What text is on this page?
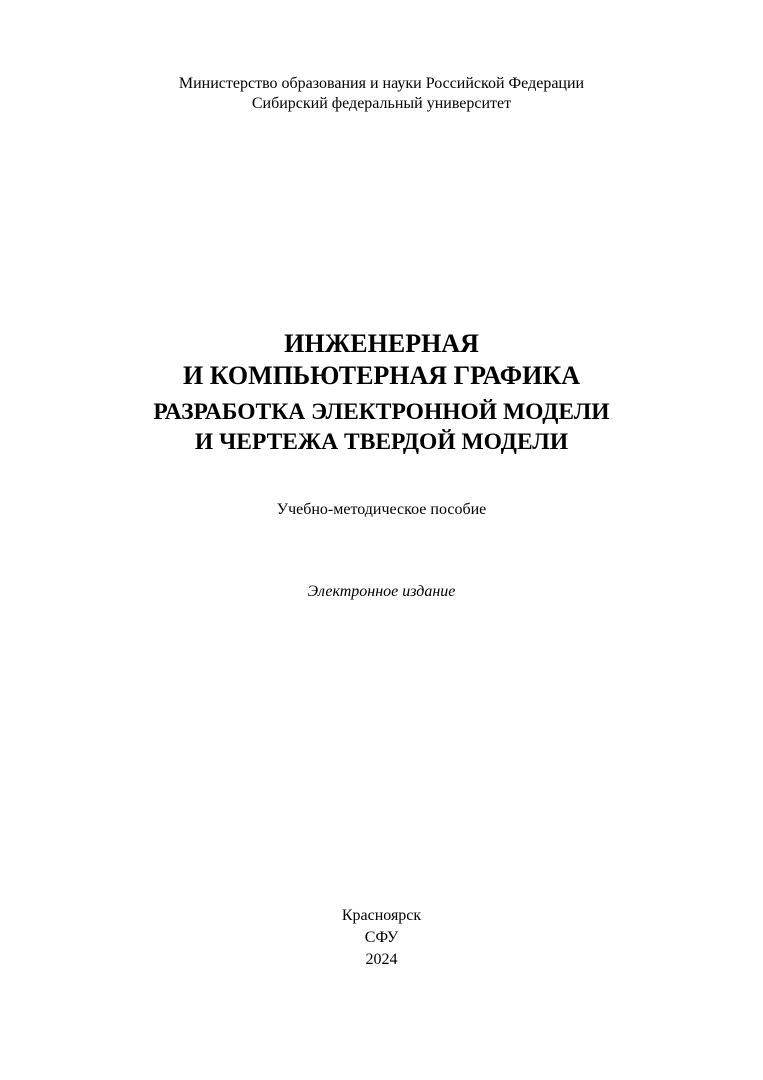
Министерство образования и науки Российской Федерации
Сибирский федеральный университет
ИНЖЕНЕРНАЯ
И КОМПЬЮТЕРНАЯ ГРАФИКА
РАЗРАБОТКА ЭЛЕКТРОННОЙ МОДЕЛИ
И ЧЕРТЕЖА ТВЕРДОЙ МОДЕЛИ
Учебно-методическое пособие
Электронное издание
Красноярск
СФУ
2024
